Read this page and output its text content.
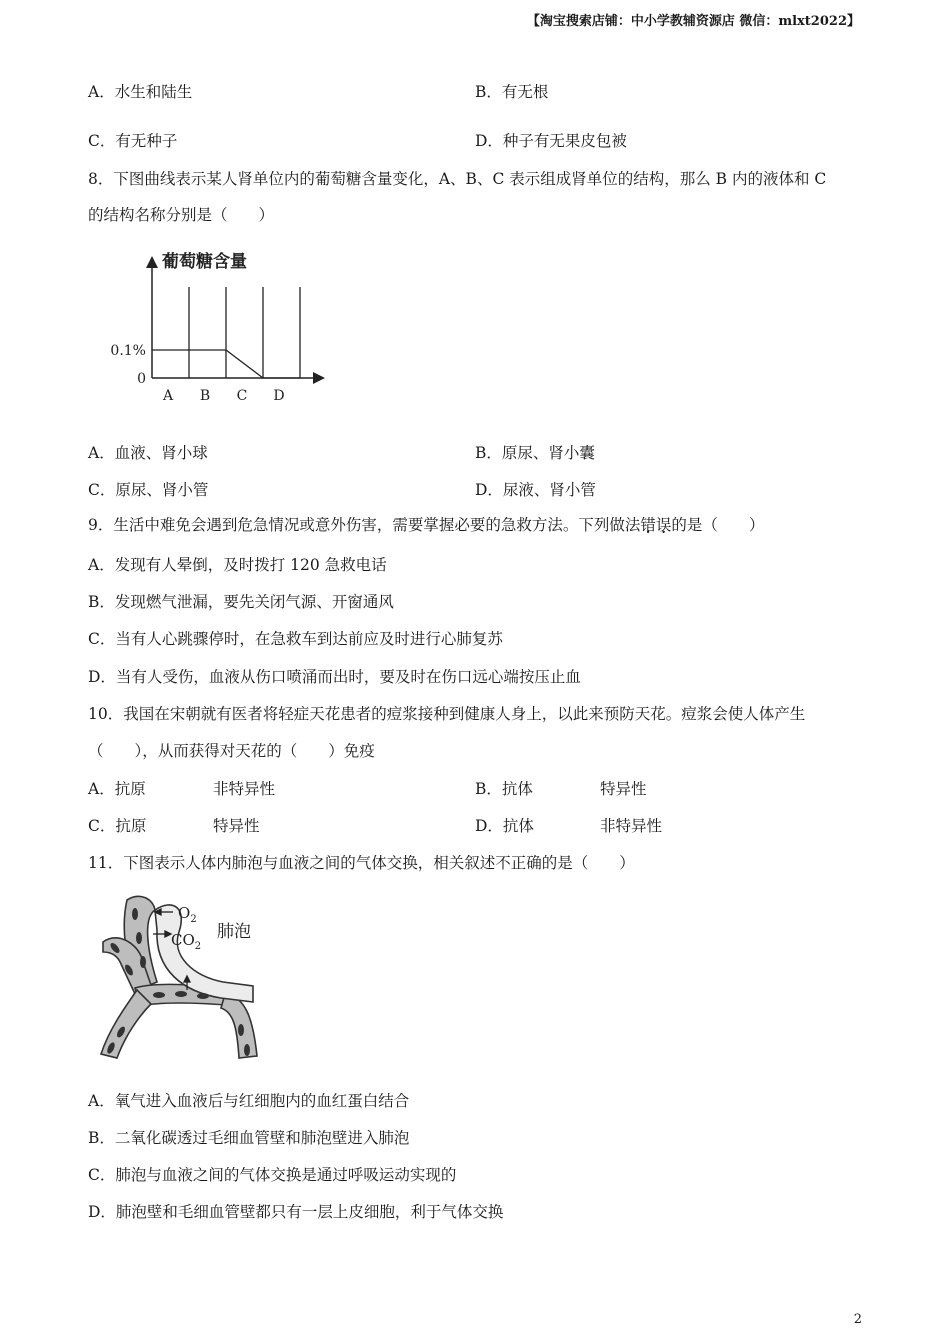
【淘宝搜索店铺：中小学教辅资源店 微信：mlxt2022】
A．水生和陆生	B．有无根
C．有无种子	D．种子有无果皮包被
8．下图曲线表示某人肾单位内的葡萄糖含量变化，A、B、C 表示组成肾单位的结构，那么 B 内的液体和 C
的结构名称分别是（　　）
葡萄糖含量
0.1%
0
A B C D
A．血液、肾小球	B．原尿、肾小囊
C．原尿、肾小管	D．尿液、肾小管
9．生活中难免会遇到危急情况或意外伤害，需要掌握必要的急救方法。下列做法错误的是（　　）
A．发现有人晕倒，及时拨打 120 急救电话
B．发现燃气泄漏，要先关闭气源、开窗通风
C．当有人心跳骤停时，在急救车到达前应及时进行心肺复苏
D．当有人受伤，血液从伤口喷涌而出时，要及时在伤口远心端按压止血
10．我国在宋朝就有医者将轻症天花患者的痘浆接种到健康人身上，以此来预防天花。痘浆会使人体产生
（　　），从而获得对天花的（　　）免疫
A．抗原	非特异性	B．抗体	特异性
C．抗原	特异性	D．抗体	非特异性
11．下图表示人体内肺泡与血液之间的气体交换，相关叙述不正确的是（　　）
$O_2$
$CO_2$
肺泡
A．氧气进入血液后与红细胞内的血红蛋白结合
B．二氧化碳透过毛细血管壁和肺泡壁进入肺泡
C．肺泡与血液之间的气体交换是通过呼吸运动实现的
D．肺泡壁和毛细血管壁都只有一层上皮细胞，利于气体交换
2
